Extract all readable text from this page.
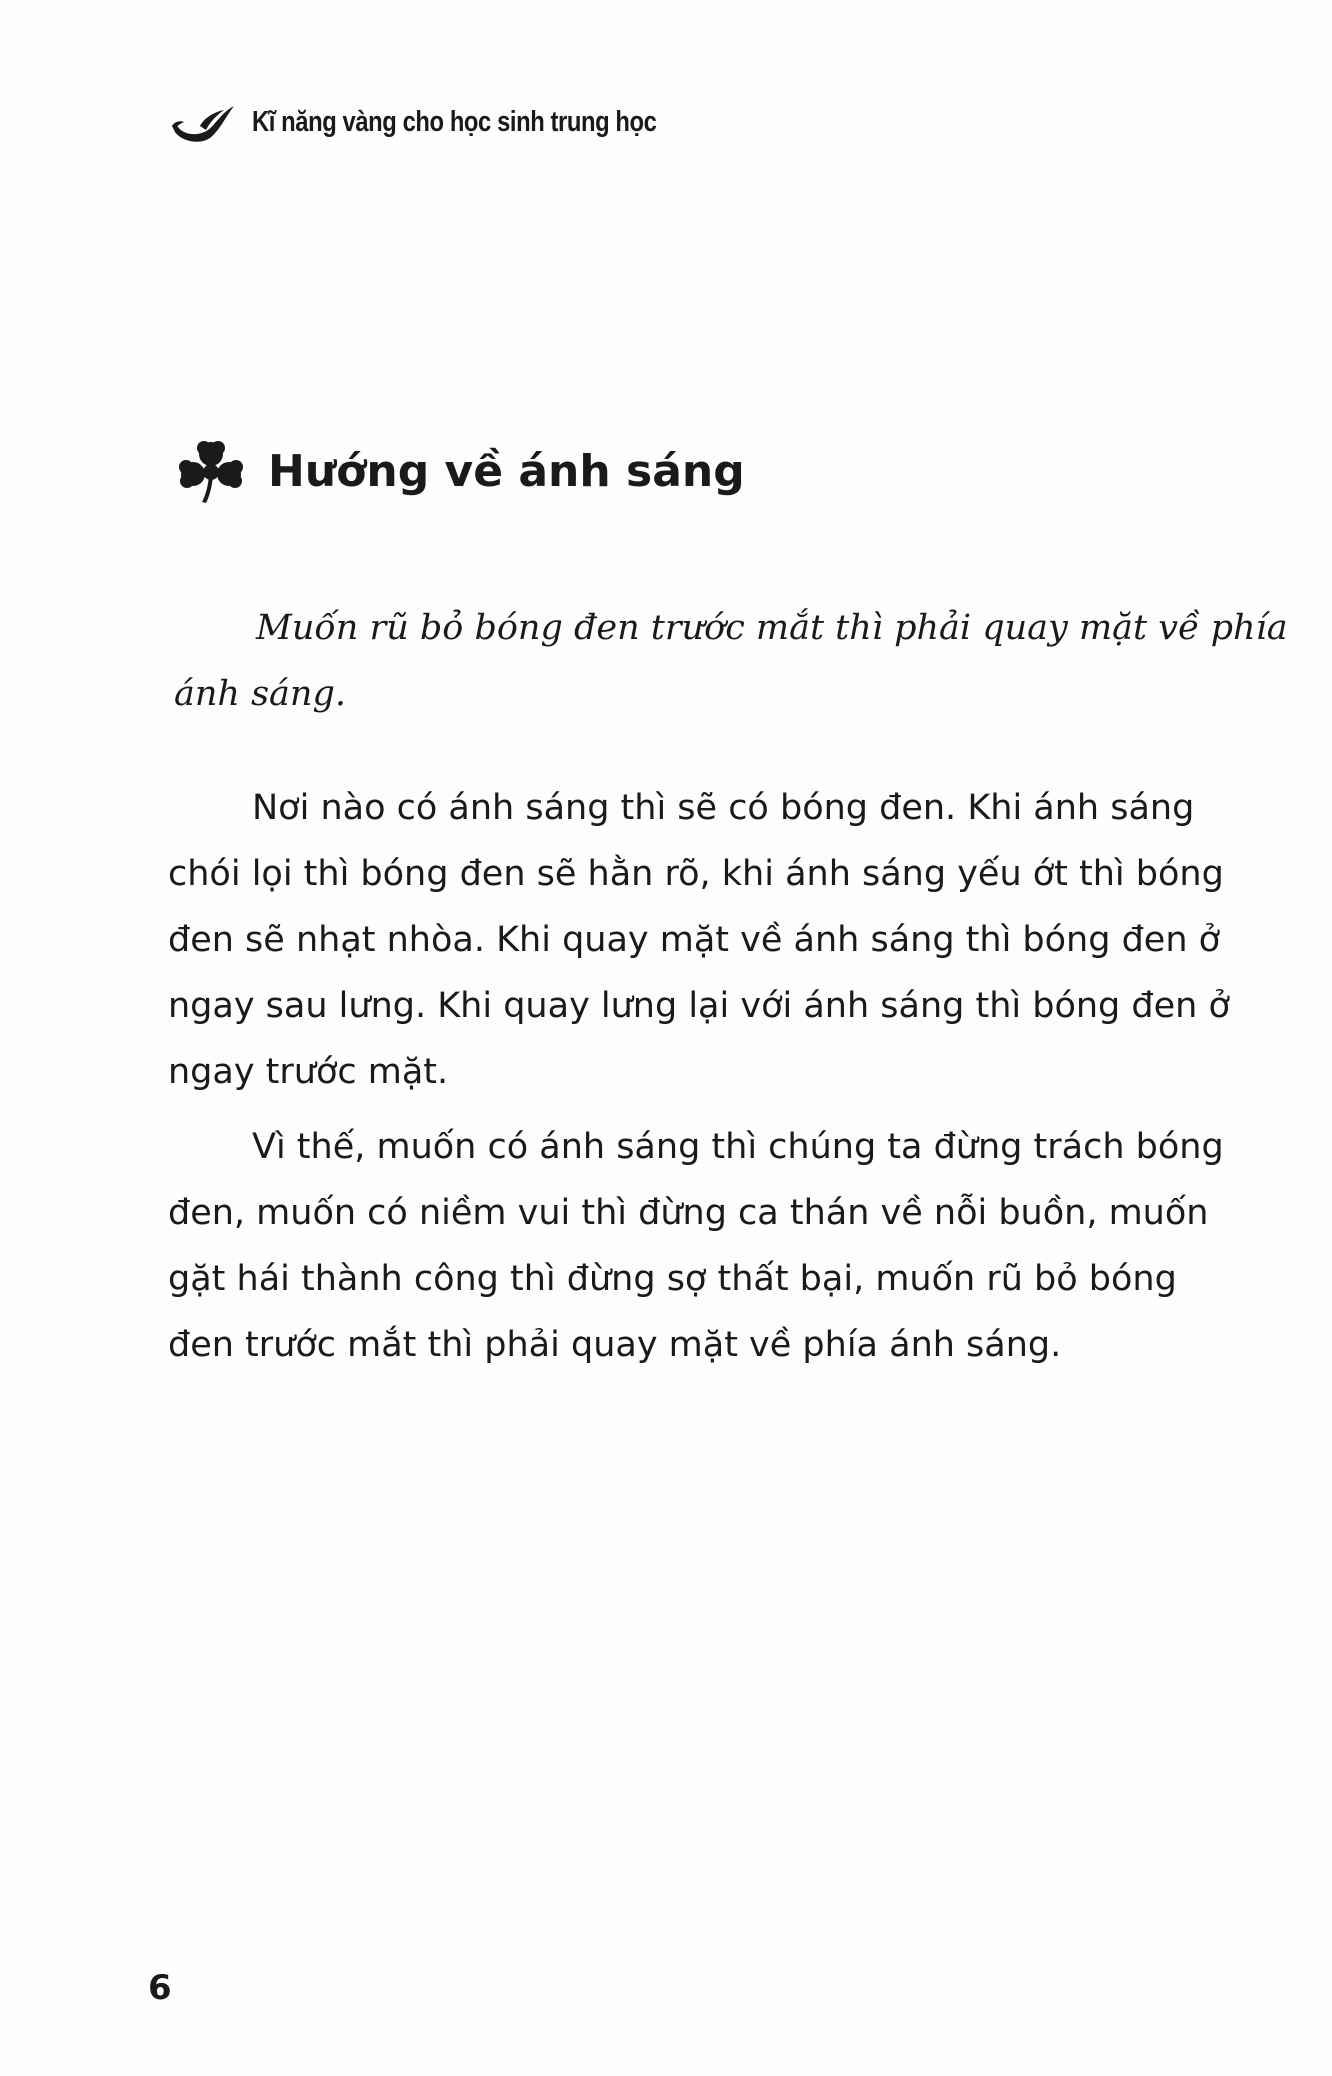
Kĩ năng vàng cho học sinh trung học
Hướng về ánh sáng
Muốn rũ bỏ bóng đen trước mắt thì phải quay mặt về phía
ánh sáng.
Nơi nào có ánh sáng thì sẽ có bóng đen. Khi ánh sáng
chói lọi thì bóng đen sẽ hằn rõ, khi ánh sáng yếu ớt thì bóng
đen sẽ nhạt nhòa. Khi quay mặt về ánh sáng thì bóng đen ở
ngay sau lưng. Khi quay lưng lại với ánh sáng thì bóng đen ở
ngay trước mặt.
Vì thế, muốn có ánh sáng thì chúng ta đừng trách bóng
đen, muốn có niềm vui thì đừng ca thán về nỗi buồn, muốn
gặt hái thành công thì đừng sợ thất bại, muốn rũ bỏ bóng
đen trước mắt thì phải quay mặt về phía ánh sáng.
6
